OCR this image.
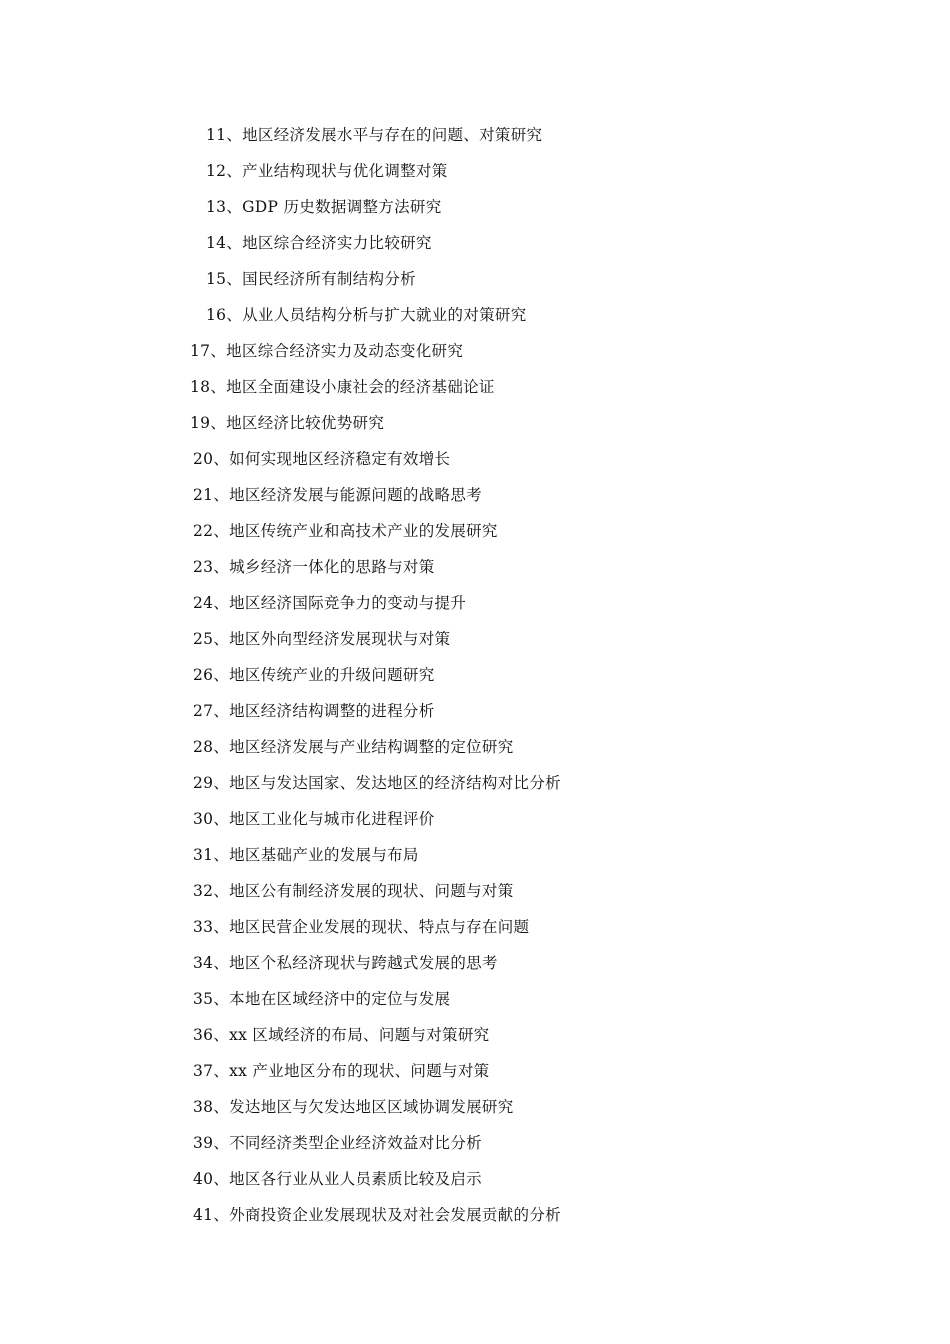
11、地区经济发展水平与存在的问题、对策研究
12、产业结构现状与优化调整对策
13、GDP 历史数据调整方法研究
14、地区综合经济实力比较研究
15、国民经济所有制结构分析
16、从业人员结构分析与扩大就业的对策研究
17、地区综合经济实力及动态变化研究
18、地区全面建设小康社会的经济基础论证
19、地区经济比较优势研究
20、如何实现地区经济稳定有效增长
21、地区经济发展与能源问题的战略思考
22、地区传统产业和高技术产业的发展研究
23、城乡经济一体化的思路与对策
24、地区经济国际竞争力的变动与提升
25、地区外向型经济发展现状与对策
26、地区传统产业的升级问题研究
27、地区经济结构调整的进程分析
28、地区经济发展与产业结构调整的定位研究
29、地区与发达国家、发达地区的经济结构对比分析
30、地区工业化与城市化进程评价
31、地区基础产业的发展与布局
32、地区公有制经济发展的现状、问题与对策
33、地区民营企业发展的现状、特点与存在问题
34、地区个私经济现状与跨越式发展的思考
35、本地在区域经济中的定位与发展
36、xx 区域经济的布局、问题与对策研究
37、xx 产业地区分布的现状、问题与对策
38、发达地区与欠发达地区区域协调发展研究
39、不同经济类型企业经济效益对比分析
40、地区各行业从业人员素质比较及启示
41、外商投资企业发展现状及对社会发展贡献的分析
